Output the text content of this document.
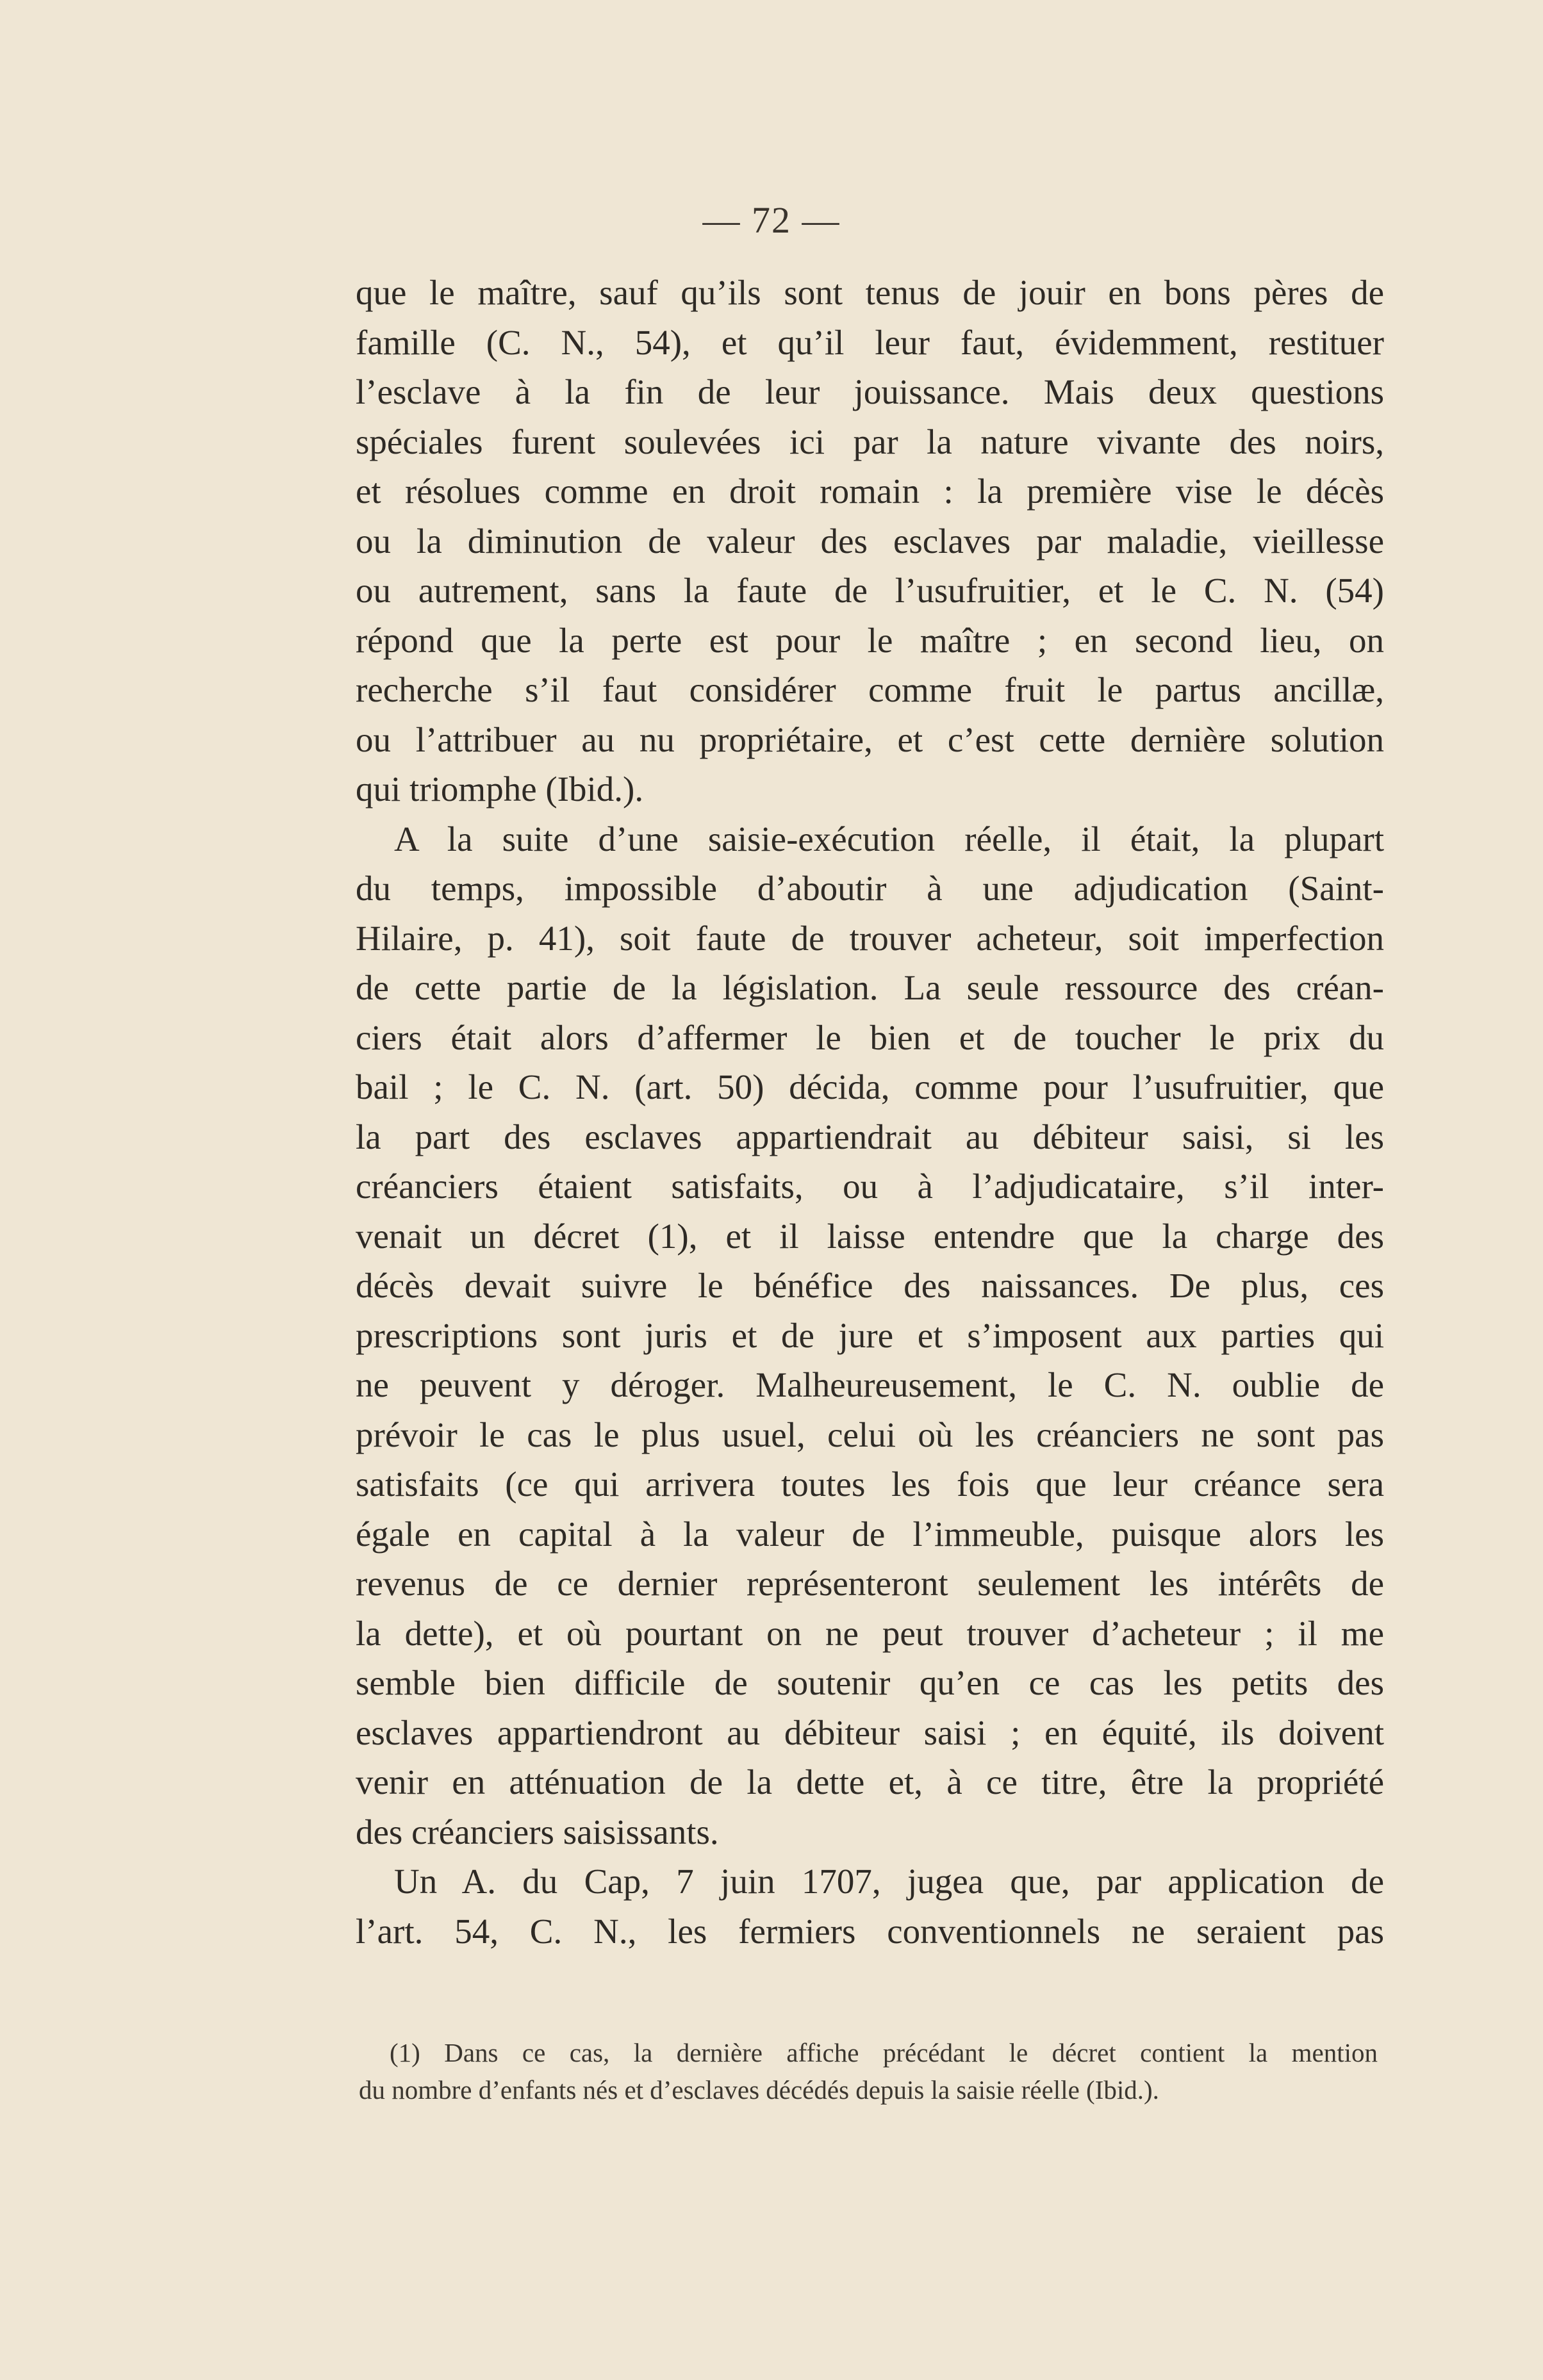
— 72 —
que le maître, sauf qu’ils sont tenus de jouir en bons pères de
famille (C. N., 54), et qu’il leur faut, évidemment, restituer
l’esclave à la fin de leur jouissance. Mais deux questions
spéciales furent soulevées ici par la nature vivante des noirs,
et résolues comme en droit romain : la première vise le décès
ou la diminution de valeur des esclaves par maladie, vieillesse
ou autrement, sans la faute de l’usufruitier, et le C. N. (54)
répond que la perte est pour le maître ; en second lieu, on
recherche s’il faut considérer comme fruit le partus ancillæ,
ou l’attribuer au nu propriétaire, et c’est cette dernière solution
qui triomphe (Ibid.).
A la suite d’une saisie-exécution réelle, il était, la plupart
du temps, impossible d’aboutir à une adjudication (Saint-
Hilaire, p. 41), soit faute de trouver acheteur, soit imperfection
de cette partie de la législation. La seule ressource des créan-
ciers était alors d’affermer le bien et de toucher le prix du
bail ; le C. N. (art. 50) décida, comme pour l’usufruitier, que
la part des esclaves appartiendrait au débiteur saisi, si les
créanciers étaient satisfaits, ou à l’adjudicataire, s’il inter-
venait un décret (1), et il laisse entendre que la charge des
décès devait suivre le bénéfice des naissances. De plus, ces
prescriptions sont juris et de jure et s’imposent aux parties qui
ne peuvent y déroger. Malheureusement, le C. N. oublie de
prévoir le cas le plus usuel, celui où les créanciers ne sont pas
satisfaits (ce qui arrivera toutes les fois que leur créance sera
égale en capital à la valeur de l’immeuble, puisque alors les
revenus de ce dernier représenteront seulement les intérêts de
la dette), et où pourtant on ne peut trouver d’acheteur ; il me
semble bien difficile de soutenir qu’en ce cas les petits des
esclaves appartiendront au débiteur saisi ; en équité, ils doivent
venir en atténuation de la dette et, à ce titre, être la propriété
des créanciers saisissants.
Un A. du Cap, 7 juin 1707, jugea que, par application de
l’art. 54, C. N., les fermiers conventionnels ne seraient pas
(1) Dans ce cas, la dernière affiche précédant le décret contient la mention
du nombre d’enfants nés et d’esclaves décédés depuis la saisie réelle (Ibid.).
